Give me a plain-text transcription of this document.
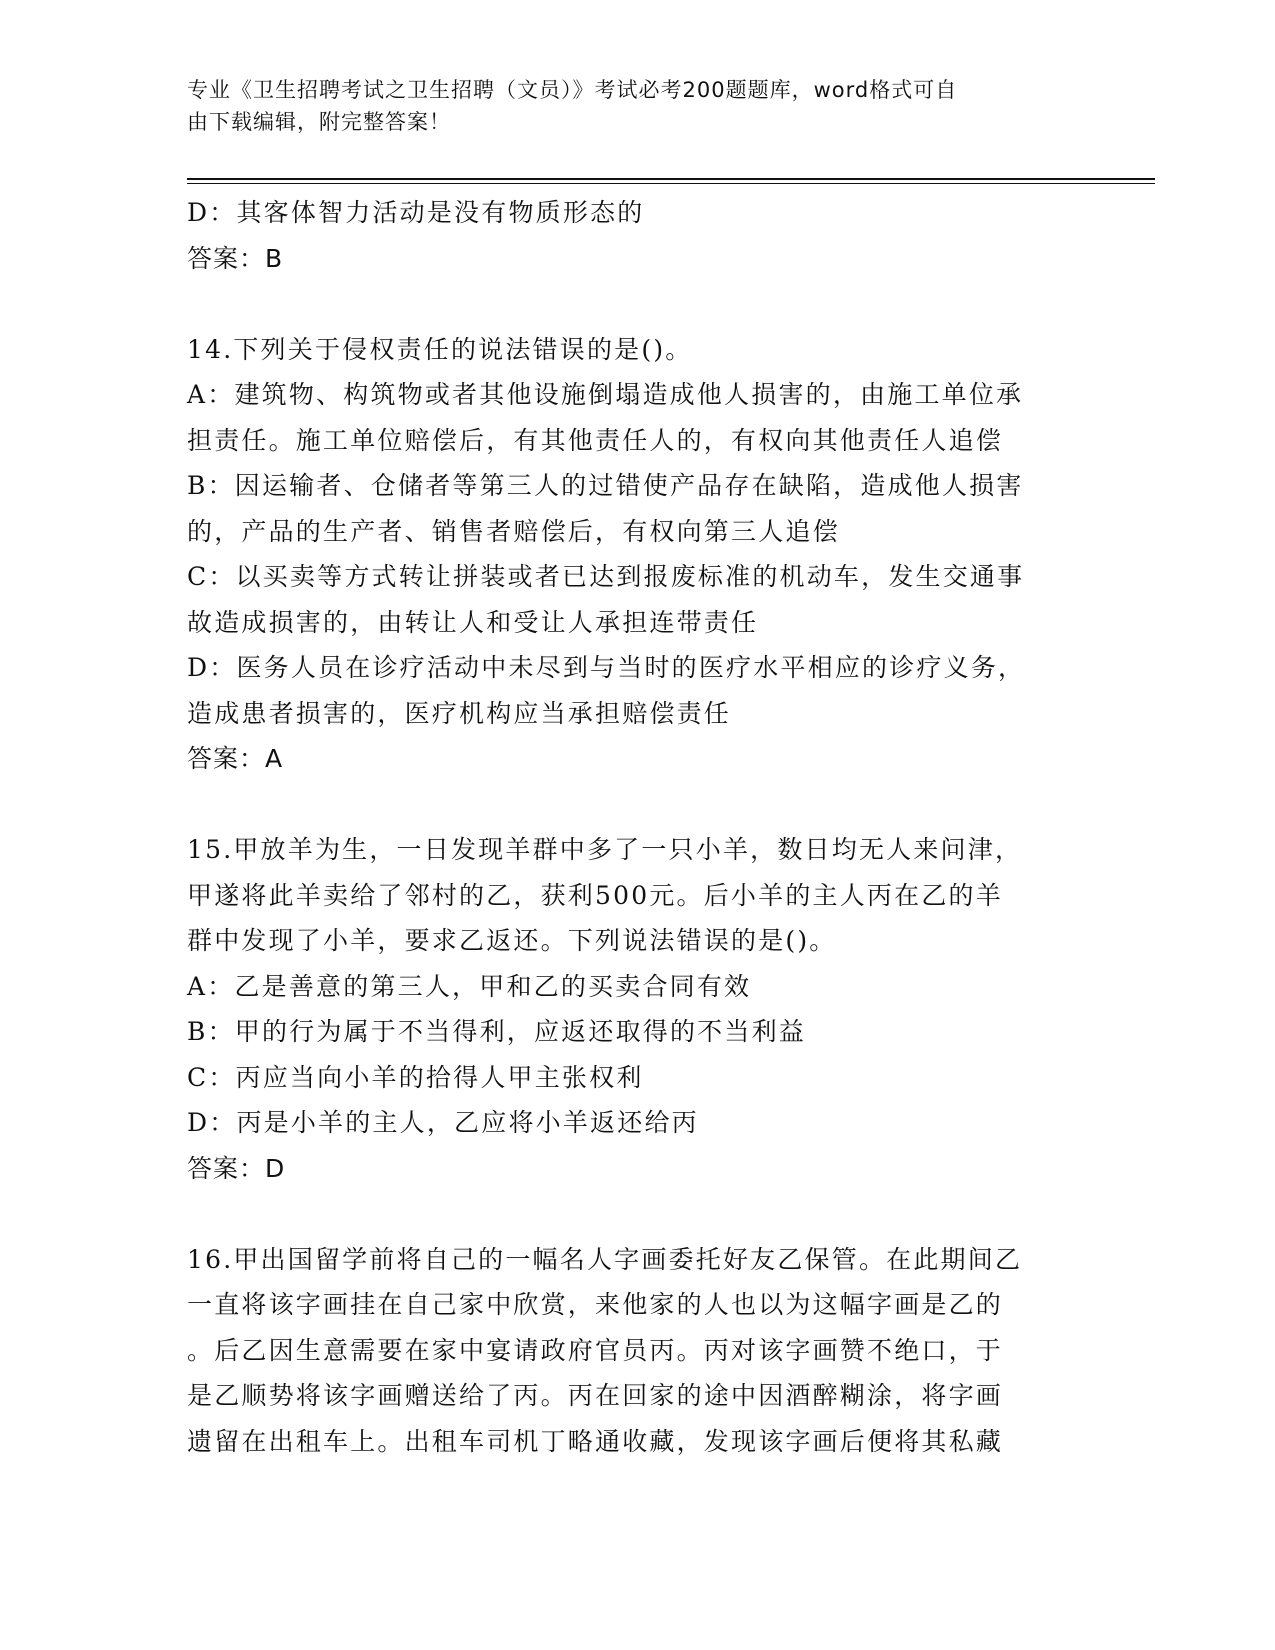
专业《卫生招聘考试之卫生招聘（文员）》考试必考200题题库，word格式可自
由下载编辑，附完整答案！
D：其客体智力活动是没有物质形态的
答案：B
14.下列关于侵权责任的说法错误的是()。
A：建筑物、构筑物或者其他设施倒塌造成他人损害的，由施工单位承
担责任。施工单位赔偿后，有其他责任人的，有权向其他责任人追偿
B：因运输者、仓储者等第三人的过错使产品存在缺陷，造成他人损害
的，产品的生产者、销售者赔偿后，有权向第三人追偿
C：以买卖等方式转让拼装或者已达到报废标准的机动车，发生交通事
故造成损害的，由转让人和受让人承担连带责任
D：医务人员在诊疗活动中未尽到与当时的医疗水平相应的诊疗义务，
造成患者损害的，医疗机构应当承担赔偿责任
答案：A
15.甲放羊为生，一日发现羊群中多了一只小羊，数日均无人来问津，
甲遂将此羊卖给了邻村的乙，获利500元。后小羊的主人丙在乙的羊
群中发现了小羊，要求乙返还。下列说法错误的是()。
A：乙是善意的第三人，甲和乙的买卖合同有效
B：甲的行为属于不当得利，应返还取得的不当利益
C：丙应当向小羊的拾得人甲主张权利
D：丙是小羊的主人，乙应将小羊返还给丙
答案：D
16.甲出国留学前将自己的一幅名人字画委托好友乙保管。在此期间乙
一直将该字画挂在自己家中欣赏，来他家的人也以为这幅字画是乙的
。后乙因生意需要在家中宴请政府官员丙。丙对该字画赞不绝口，于
是乙顺势将该字画赠送给了丙。丙在回家的途中因酒醉糊涂，将字画
遗留在出租车上。出租车司机丁略通收藏，发现该字画后便将其私藏
